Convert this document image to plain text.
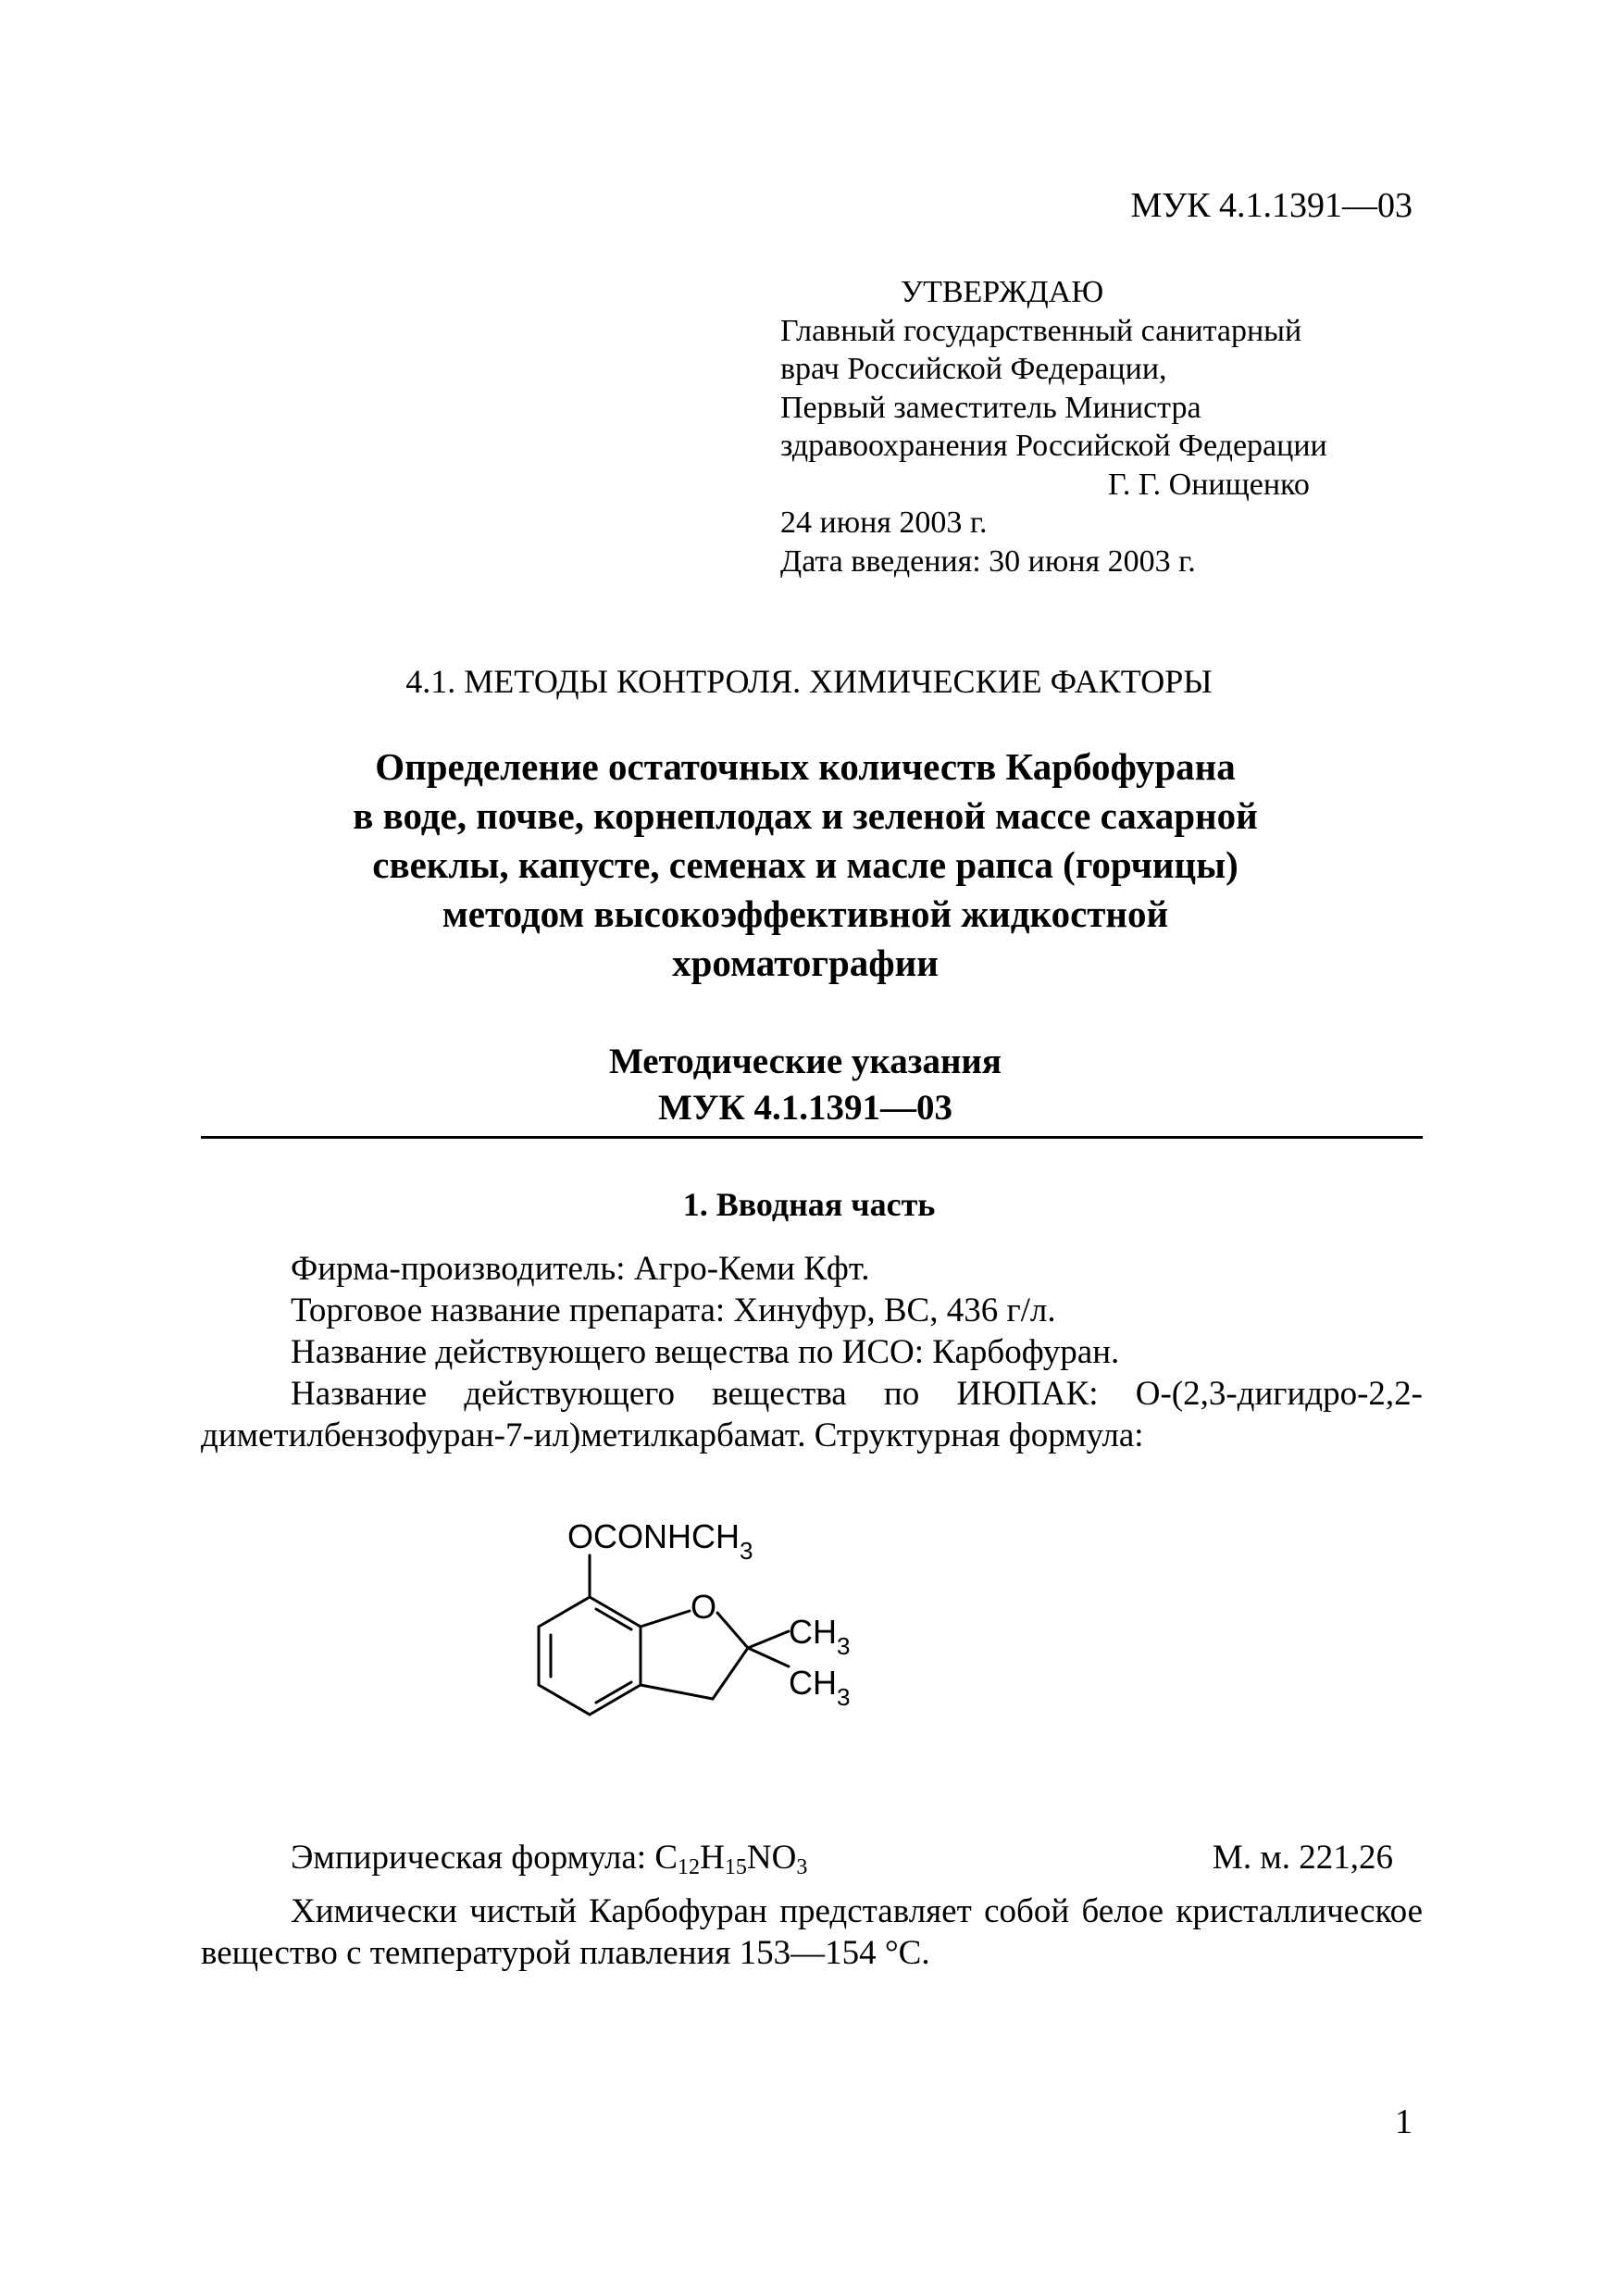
МУК 4.1.1391—03
УТВЕРЖДАЮ
Главный государственный санитарный
врач Российской Федерации,
Первый заместитель Министра
здравоохранения Российской Федерации
Г. Г. Онищенко
24 июня 2003 г.
Дата введения: 30 июня 2003 г.
4.1. МЕТОДЫ КОНТРОЛЯ. ХИМИЧЕСКИЕ ФАКТОРЫ
Определение остаточных количеств Карбофурана
в воде, почве, корнеплодах и зеленой массе сахарной
свеклы, капусте, семенах и масле рапса (горчицы)
методом высокоэффективной жидкостной
хроматографии
Методические указания
МУК 4.1.1391—03
1. Вводная часть
Фирма-производитель: Агро-Кеми Кфт.
Торговое название препарата: Хинуфур, ВС, 436 г/л.
Название действующего вещества по ИСО: Карбофуран.
Название действующего вещества по ИЮПАК: О-(2,3-дигидро-2,2-диметилбензофуран-7-ил)метилкарбамат. Структурная формула:
$OCONHCH_3$
O
$CH_3$
$CH_3$
Эмпирическая формула: $C_{12}H_{15}NO_3$	М. м. 221,26
Химически чистый Карбофуран представляет собой белое кристаллическое вещество с температурой плавления 153—154 °С.
1
